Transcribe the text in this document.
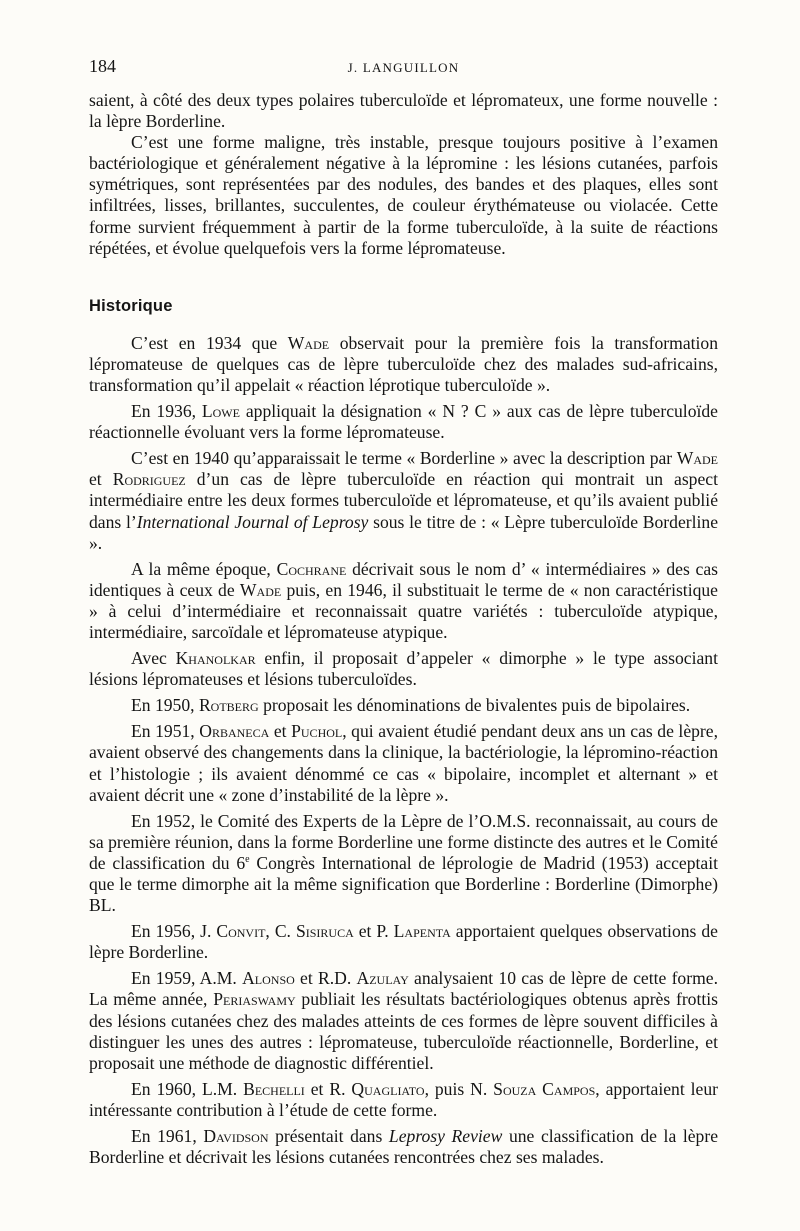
184	J. LANGUILLON

saient, à côté des deux types polaires tuberculoïde et lépromateux, une forme nouvelle : la lèpre Borderline.

C’est une forme maligne, très instable, presque toujours positive à l’examen bactériologique et généralement négative à la lépromine : les lésions cutanées, parfois symétriques, sont représentées par des nodules, des bandes et des plaques, elles sont infiltrées, lisses, brillantes, succulentes, de couleur érythémateuse ou violacée. Cette forme survient fréquemment à partir de la forme tuberculoïde, à la suite de réactions répétées, et évolue quelquefois vers la forme lépromateuse.

Historique

C’est en 1934 que Wade observait pour la première fois la transformation lépromateuse de quelques cas de lèpre tuberculoïde chez des malades sud-africains, transformation qu’il appelait « réaction léprotique tuberculoïde ».

En 1936, Lowe appliquait la désignation « N ? C » aux cas de lèpre tuberculoïde réactionnelle évoluant vers la forme lépromateuse.

C’est en 1940 qu’apparaissait le terme « Borderline » avec la description par Wade et Rodriguez d’un cas de lèpre tuberculoïde en réaction qui montrait un aspect intermédiaire entre les deux formes tuberculoïde et lépromateuse, et qu’ils avaient publié dans l’International Journal of Leprosy sous le titre de : « Lèpre tuberculoïde Borderline ».

A la même époque, Cochrane décrivait sous le nom d’ « intermédiaires » des cas identiques à ceux de Wade puis, en 1946, il substituait le terme de « non caractéristique » à celui d’intermédiaire et reconnaissait quatre variétés : tuberculoïde atypique, intermédiaire, sarcoïdale et lépromateuse atypique.

Avec Khanolkar enfin, il proposait d’appeler « dimorphe » le type associant lésions lépromateuses et lésions tuberculoïdes.

En 1950, Rotberg proposait les dénominations de bivalentes puis de bipolaires.

En 1951, Orbaneca et Puchol, qui avaient étudié pendant deux ans un cas de lèpre, avaient observé des changements dans la clinique, la bactériologie, la lépromino-réaction et l’histologie ; ils avaient dénommé ce cas « bipolaire, incomplet et alternant » et avaient décrit une « zone d’instabilité de la lèpre ».

En 1952, le Comité des Experts de la Lèpre de l’O.M.S. reconnaissait, au cours de sa première réunion, dans la forme Borderline une forme distincte des autres et le Comité de classification du 6e Congrès International de léprologie de Madrid (1953) acceptait que le terme dimorphe ait la même signification que Borderline : Borderline (Dimorphe) BL.

En 1956, J. Convit, C. Sisiruca et P. Lapenta apportaient quelques observations de lèpre Borderline.

En 1959, A.M. Alonso et R.D. Azulay analysaient 10 cas de lèpre de cette forme. La même année, Periaswamy publiait les résultats bactériologiques obtenus après frottis des lésions cutanées chez des malades atteints de ces formes de lèpre souvent difficiles à distinguer les unes des autres : lépromateuse, tuberculoïde réactionnelle, Borderline, et proposait une méthode de diagnostic différentiel.

En 1960, L.M. Bechelli et R. Quagliato, puis N. Souza Campos, apportaient leur intéressante contribution à l’étude de cette forme.

En 1961, Davidson présentait dans Leprosy Review une classification de la lèpre Borderline et décrivait les lésions cutanées rencontrées chez ses malades.
